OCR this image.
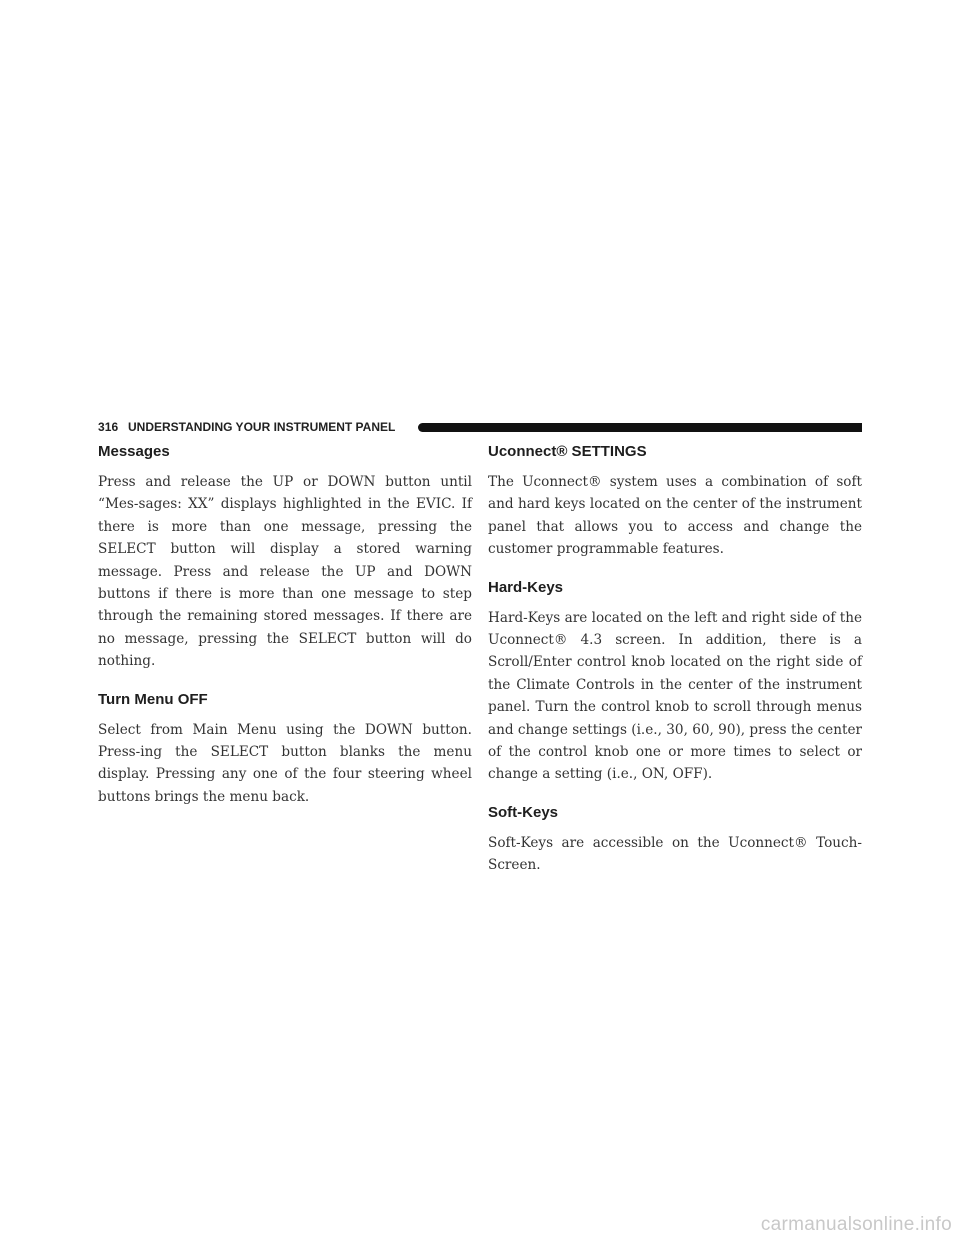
316 UNDERSTANDING YOUR INSTRUMENT PANEL
Messages

Press and release the UP or DOWN button until “Mes-sages: XX” displays highlighted in the EVIC. If there is more than one message, pressing the SELECT button will display a stored warning message. Press and release the UP and DOWN buttons if there is more than one message to step through the remaining stored messages. If there are no message, pressing the SELECT button will do nothing.

Turn Menu OFF

Select from Main Menu using the DOWN button. Press-ing the SELECT button blanks the menu display. Pressing any one of the four steering wheel buttons brings the menu back.

Uconnect® SETTINGS

The Uconnect® system uses a combination of soft and hard keys located on the center of the instrument panel that allows you to access and change the customer programmable features.

Hard-Keys

Hard-Keys are located on the left and right side of the Uconnect® 4.3 screen. In addition, there is a Scroll/Enter control knob located on the right side of the Climate Controls in the center of the instrument panel. Turn the control knob to scroll through menus and change settings (i.e., 30, 60, 90), press the center of the control knob one or more times to select or change a setting (i.e., ON, OFF).

Soft-Keys

Soft-Keys are accessible on the Uconnect® Touch-Screen.

carmanualsonline.info
